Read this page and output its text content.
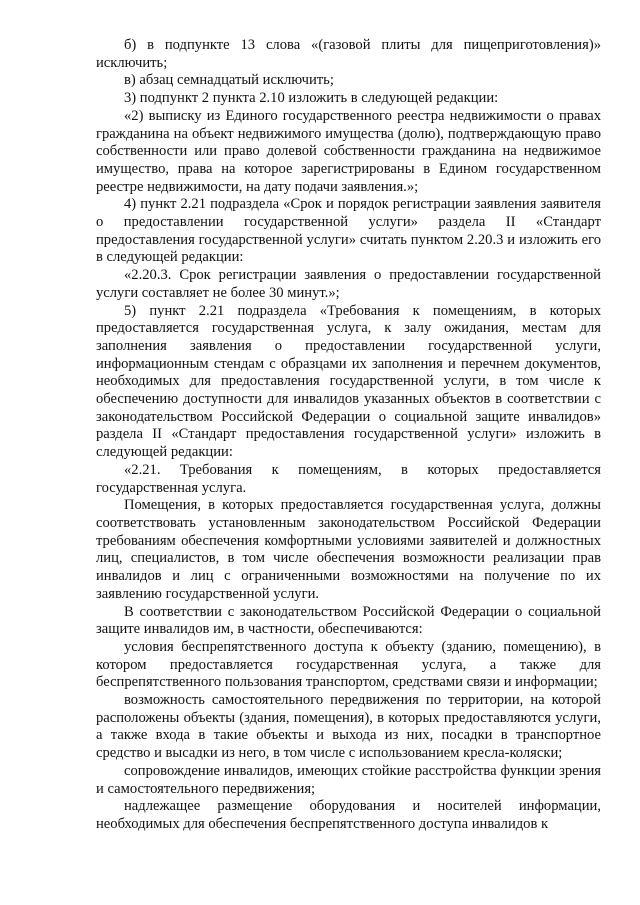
б) в подпункте 13 слова «(газовой плиты для пищеприготовления)» исключить;

в) абзац семнадцатый исключить;

3) подпункт 2 пункта 2.10 изложить в следующей редакции:

«2) выписку из Единого государственного реестра недвижимости о правах гражданина на объект недвижимого имущества (долю), подтверждающую право собственности или право долевой собственности гражданина на недвижимое имущество, права на которое зарегистрированы в Едином государственном реестре недвижимости, на дату подачи заявления.»;

4) пункт 2.21 подраздела «Срок и порядок регистрации заявления заявителя о предоставлении государственной услуги» раздела II «Стандарт предоставления государственной услуги» считать пунктом 2.20.3 и изложить его в следующей редакции:

«2.20.3. Срок регистрации заявления о предоставлении государственной услуги составляет не более 30 минут.»;

5) пункт 2.21 подраздела «Требования к помещениям, в которых предоставляется государственная услуга, к залу ожидания, местам для заполнения заявления о предоставлении государственной услуги, информационным стендам с образцами их заполнения и перечнем документов, необходимых для предоставления государственной услуги, в том числе к обеспечению доступности для инвалидов указанных объектов в соответствии с законодательством Российской Федерации о социальной защите инвалидов» раздела II «Стандарт предоставления государственной услуги» изложить в следующей редакции:

«2.21. Требования к помещениям, в которых предоставляется государственная услуга.

Помещения, в которых предоставляется государственная услуга, должны соответствовать установленным законодательством Российской Федерации требованиям обеспечения комфортными условиями заявителей и должностных лиц, специалистов, в том числе обеспечения возможности реализации прав инвалидов и лиц с ограниченными возможностями на получение по их заявлению государственной услуги.

В соответствии с законодательством Российской Федерации о социальной защите инвалидов им, в частности, обеспечиваются:

условия беспрепятственного доступа к объекту (зданию, помещению), в котором предоставляется государственная услуга, а также для беспрепятственного пользования транспортом, средствами связи и информации;

возможность самостоятельного передвижения по территории, на которой расположены объекты (здания, помещения), в которых предоставляются услуги, а также входа в такие объекты и выхода из них, посадки в транспортное средство и высадки из него, в том числе с использованием кресла-коляски;

сопровождение инвалидов, имеющих стойкие расстройства функции зрения и самостоятельного передвижения;

надлежащее размещение оборудования и носителей информации, необходимых для обеспечения беспрепятственного доступа инвалидов к
